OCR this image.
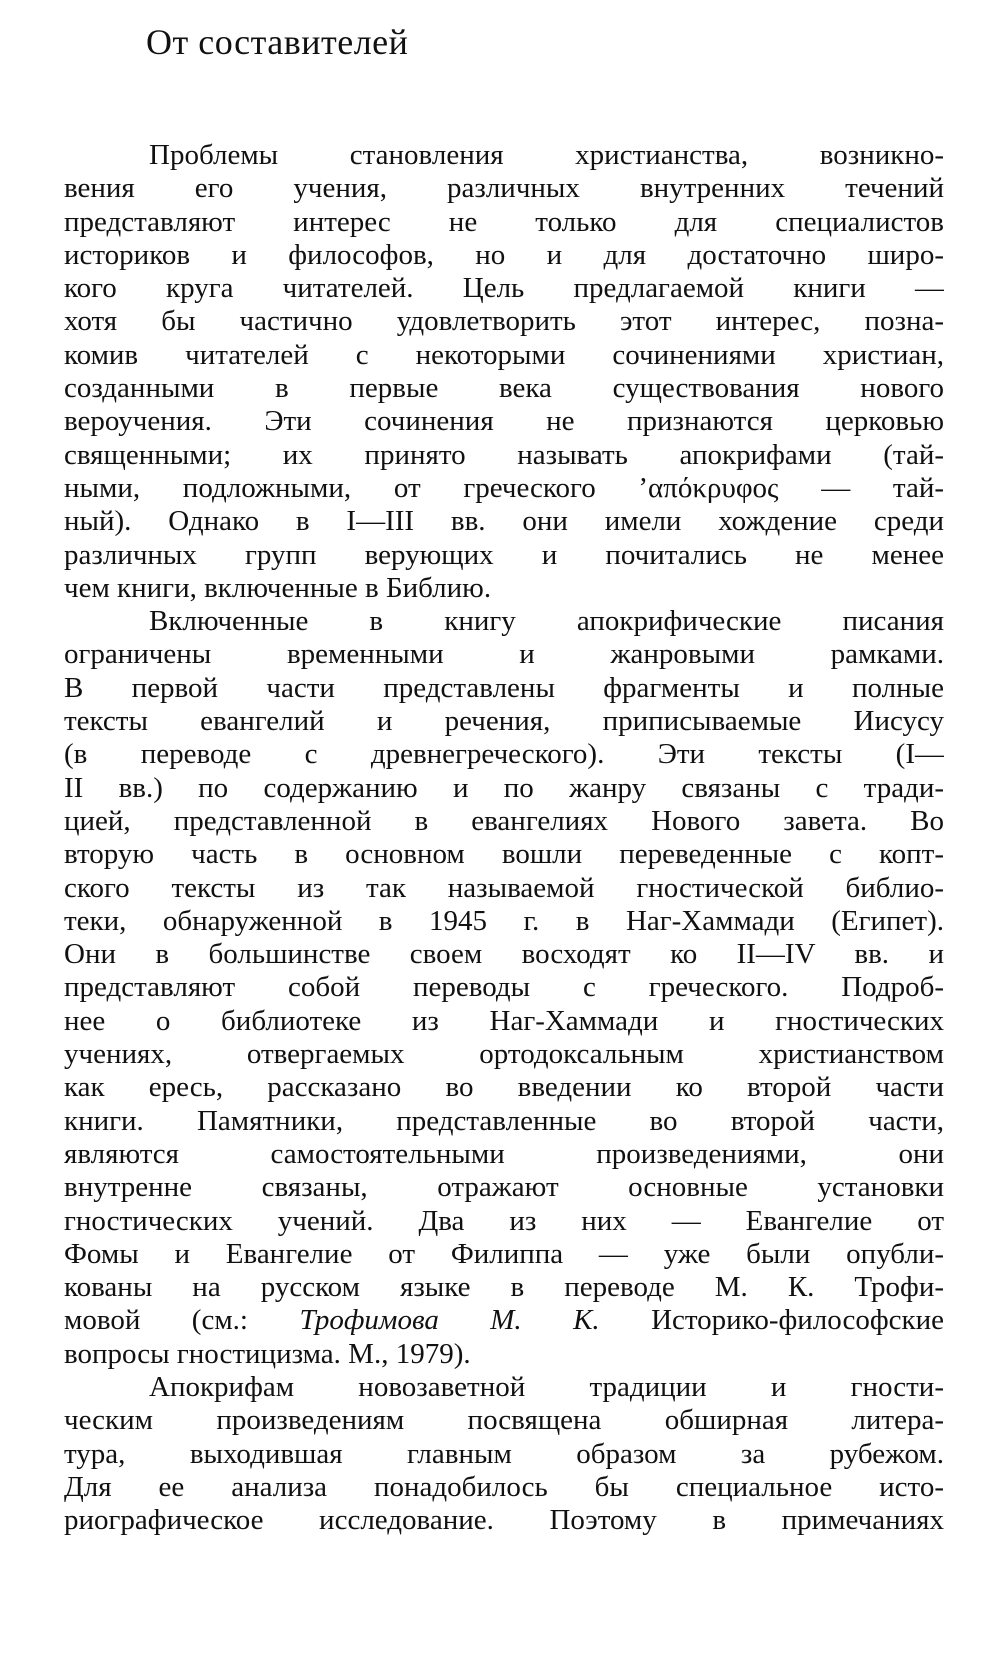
От составителей
Проблемы становления христианства, возникно-
вения его учения, различных внутренних течений
представляют интерес не только для специалистов
историков и философов, но и для достаточно широ-
кого круга читателей. Цель предлагаемой книги —
хотя бы частично удовлетворить этот интерес, позна-
комив читателей с некоторыми сочинениями христиан,
созданными в первые века существования нового
вероучения. Эти сочинения не признаются церковью
священными; их принято называть апокрифами (тай-
ными, подложными, от греческого ’απόκρυφος — тай-
ный). Однако в I—III вв. они имели хождение среди
различных групп верующих и почитались не менее
чем книги, включенные в Библию.
Включенные в книгу апокрифические писания
ограничены временными и жанровыми рамками.
В первой части представлены фрагменты и полные
тексты евангелий и речения, приписываемые Иисусу
(в переводе с древнегреческого). Эти тексты (I—
II вв.) по содержанию и по жанру связаны с тради-
цией, представленной в евангелиях Нового завета. Во
вторую часть в основном вошли переведенные с копт-
ского тексты из так называемой гностической библио-
теки, обнаруженной в 1945 г. в Наг-Хаммади (Египет).
Они в большинстве своем восходят ко II—IV вв. и
представляют собой переводы с греческого. Подроб-
нее о библиотеке из Наг-Хаммади и гностических
учениях, отвергаемых ортодоксальным христианством
как ересь, рассказано во введении ко второй части
книги. Памятники, представленные во второй части,
являются самостоятельными произведениями, они
внутренне связаны, отражают основные установки
гностических учений. Два из них — Евангелие от
Фомы и Евангелие от Филиппа — уже были опубли-
кованы на русском языке в переводе М. К. Трофи-
мовой (см.: Трофимова М. К. Историко-философские
вопросы гностицизма. М., 1979).
Апокрифам новозаветной традиции и гности-
ческим произведениям посвящена обширная литера-
тура, выходившая главным образом за рубежом.
Для ее анализа понадобилось бы специальное исто-
риографическое исследование. Поэтому в примечаниях
